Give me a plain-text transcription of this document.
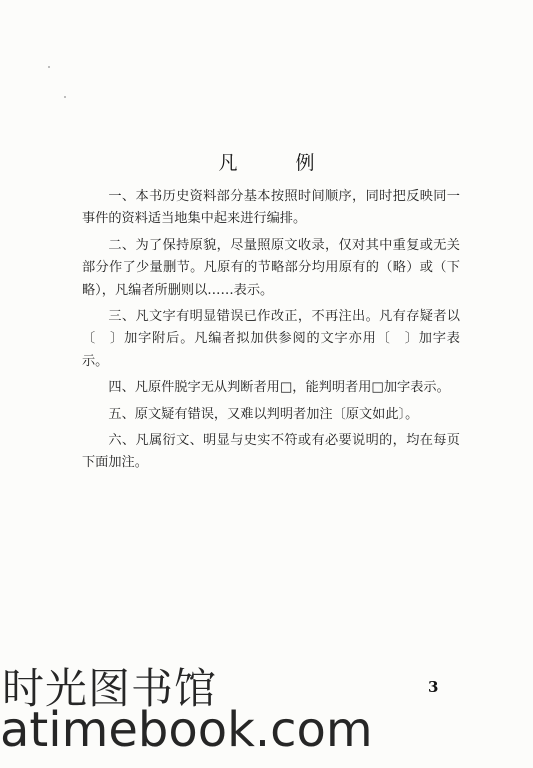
凡 例

一、本书历史资料部分基本按照时间顺序，同时把反映同一事件的资料适当地集中起来进行编排。

二、为了保持原貌，尽量照原文收录，仅对其中重复或无关部分作了少量删节。凡原有的节略部分均用原有的（略）或（下略），凡编者所删则以……表示。

三、凡文字有明显错误已作改正，不再注出。凡有存疑者以〔　〕加字附后。凡编者拟加供参阅的文字亦用〔　〕加字表示。

四、凡原件脱字无从判断者用□，能判明者用□加字表示。

五、原文疑有错误，又难以判明者加注〔原文如此〕。

六、凡属衍文、明显与史实不符或有必要说明的，均在每页下面加注。

3
时光图书馆
atimebook.com
